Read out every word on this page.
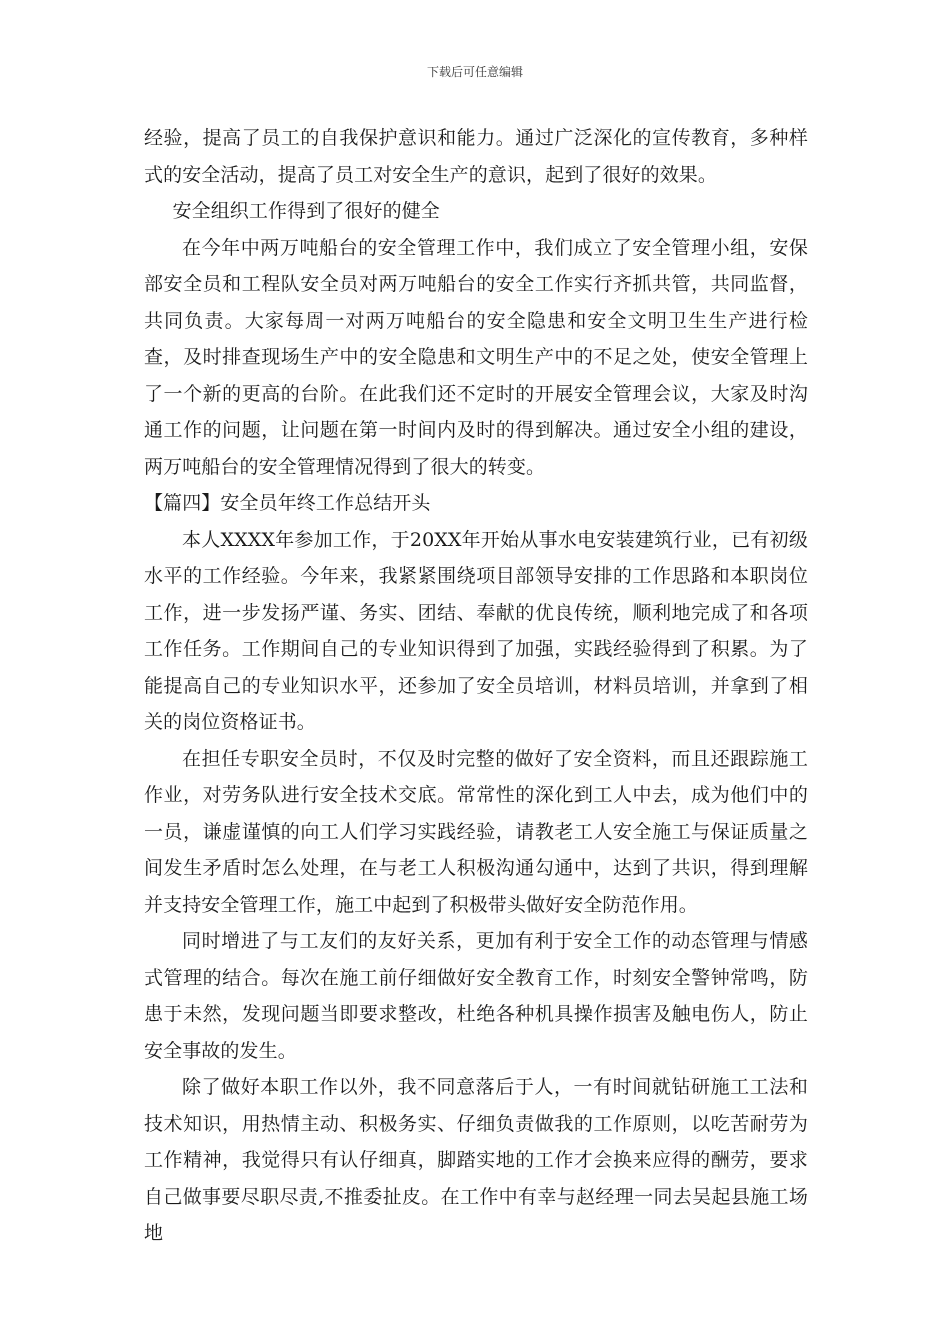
下载后可任意编辑

经验，提高了员工的自我保护意识和能力。通过广泛深化的宣传教育，多种样式的安全活动，提高了员工对安全生产的意识，起到了很好的效果。

安全组织工作得到了很好的健全

在今年中两万吨船台的安全管理工作中，我们成立了安全管理小组，安保部安全员和工程队安全员对两万吨船台的安全工作实行齐抓共管，共同监督，共同负责。大家每周一对两万吨船台的安全隐患和安全文明卫生生产进行检查，及时排查现场生产中的安全隐患和文明生产中的不足之处，使安全管理上了一个新的更高的台阶。在此我们还不定时的开展安全管理会议，大家及时沟通工作的问题，让问题在第一时间内及时的得到解决。通过安全小组的建设，两万吨船台的安全管理情况得到了很大的转变。

【篇四】安全员年终工作总结开头

本人XXXX年参加工作，于20XX年开始从事水电安装建筑行业，已有初级水平的工作经验。今年来，我紧紧围绕项目部领导安排的工作思路和本职岗位工作，进一步发扬严谨、务实、团结、奉献的优良传统，顺利地完成了和各项工作任务。工作期间自己的专业知识得到了加强，实践经验得到了积累。为了能提高自己的专业知识水平，还参加了安全员培训，材料员培训，并拿到了相关的岗位资格证书。

在担任专职安全员时，不仅及时完整的做好了安全资料，而且还跟踪施工作业，对劳务队进行安全技术交底。常常性的深化到工人中去，成为他们中的一员，谦虚谨慎的向工人们学习实践经验，请教老工人安全施工与保证质量之间发生矛盾时怎么处理，在与老工人积极沟通勾通中，达到了共识，得到理解并支持安全管理工作，施工中起到了积极带头做好安全防范作用。

同时增进了与工友们的友好关系，更加有利于安全工作的动态管理与情感式管理的结合。每次在施工前仔细做好安全教育工作，时刻安全警钟常鸣，防患于未然，发现问题当即要求整改，杜绝各种机具操作损害及触电伤人，防止安全事故的发生。

除了做好本职工作以外，我不同意落后于人，一有时间就钻研施工工法和技术知识，用热情主动、积极务实、仔细负责做我的工作原则，以吃苦耐劳为工作精神，我觉得只有认仔细真，脚踏实地的工作才会换来应得的酬劳，要求自己做事要尽职尽责,不推委扯皮。在工作中有幸与赵经理一同去吴起县施工场地
